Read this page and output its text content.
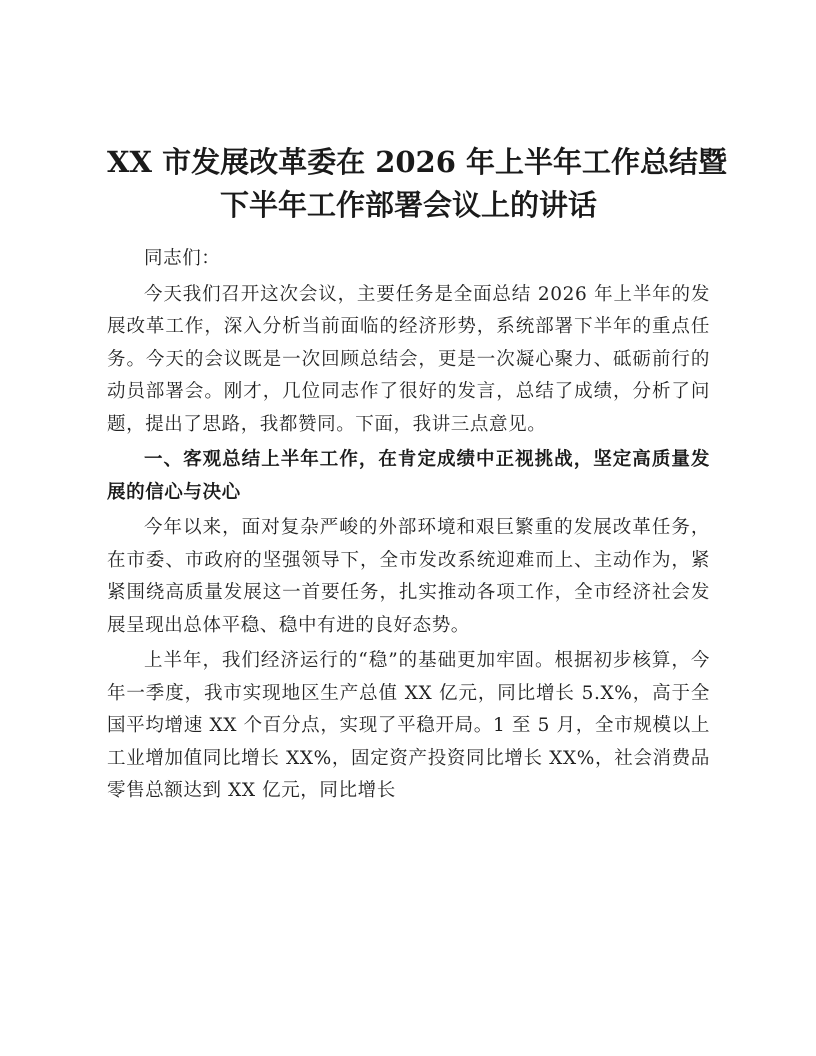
XX 市发展改革委在 2026 年上半年工作总结暨
下半年工作部署会议上的讲话

同志们：

今天我们召开这次会议，主要任务是全面总结 2026 年上半年的发展改革工作，深入分析当前面临的经济形势，系统部署下半年的重点任务。今天的会议既是一次回顾总结会，更是一次凝心聚力、砥砺前行的动员部署会。刚才，几位同志作了很好的发言，总结了成绩，分析了问题，提出了思路，我都赞同。下面，我讲三点意见。

一、客观总结上半年工作，在肯定成绩中正视挑战，坚定高质量发展的信心与决心

今年以来，面对复杂严峻的外部环境和艰巨繁重的发展改革任务，在市委、市政府的坚强领导下，全市发改系统迎难而上、主动作为，紧紧围绕高质量发展这一首要任务，扎实推动各项工作，全市经济社会发展呈现出总体平稳、稳中有进的良好态势。

上半年，我们经济运行的“稳”的基础更加牢固。根据初步核算，今年一季度，我市实现地区生产总值 XX 亿元，同比增长 5.X%，高于全国平均增速 XX 个百分点，实现了平稳开局。1 至 5 月，全市规模以上工业增加值同比增长 XX%，固定资产投资同比增长 XX%，社会消费品零售总额达到 XX 亿元，同比增长
